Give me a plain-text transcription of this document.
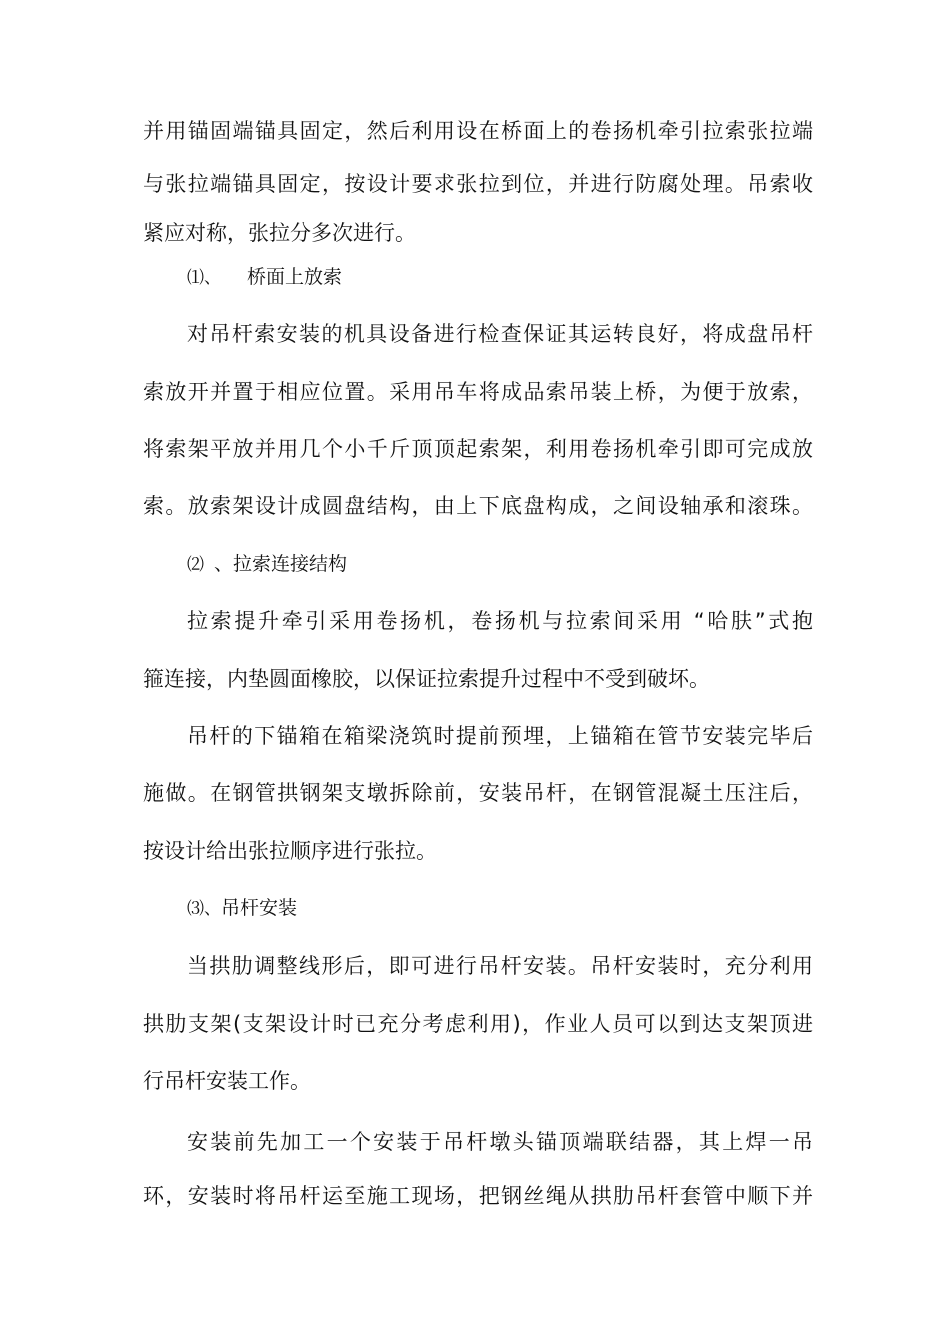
并用锚固端锚具固定，然后利用设在桥面上的卷扬机牵引拉索张拉端
与张拉端锚具固定，按设计要求张拉到位，并进行防腐处理。吊索收
紧应对称，张拉分多次进行。
⑴、 桥面上放索
对吊杆索安装的机具设备进行检查保证其运转良好，将成盘吊杆
索放开并置于相应位置。采用吊车将成品索吊装上桥，为便于放索，
将索架平放并用几个小千斤顶顶起索架，利用卷扬机牵引即可完成放
索。放索架设计成圆盘结构，由上下底盘构成，之间设轴承和滚珠。
⑵ 、拉索连接结构
拉索提升牵引采用卷扬机，卷扬机与拉索间采用 “哈肤”式抱
箍连接，内垫圆面橡胶，以保证拉索提升过程中不受到破坏。
吊杆的下锚箱在箱梁浇筑时提前预埋，上锚箱在管节安装完毕后
施做。在钢管拱钢架支墩拆除前，安装吊杆，在钢管混凝土压注后，
按设计给出张拉顺序进行张拉。
⑶、吊杆安装
当拱肋调整线形后，即可进行吊杆安装。吊杆安装时，充分利用
拱肋支架(支架设计时已充分考虑利用)，作业人员可以到达支架顶进
行吊杆安装工作。
安装前先加工一个安装于吊杆墩头锚顶端联结器，其上焊一吊
环，安装时将吊杆运至施工现场，把钢丝绳从拱肋吊杆套管中顺下并
